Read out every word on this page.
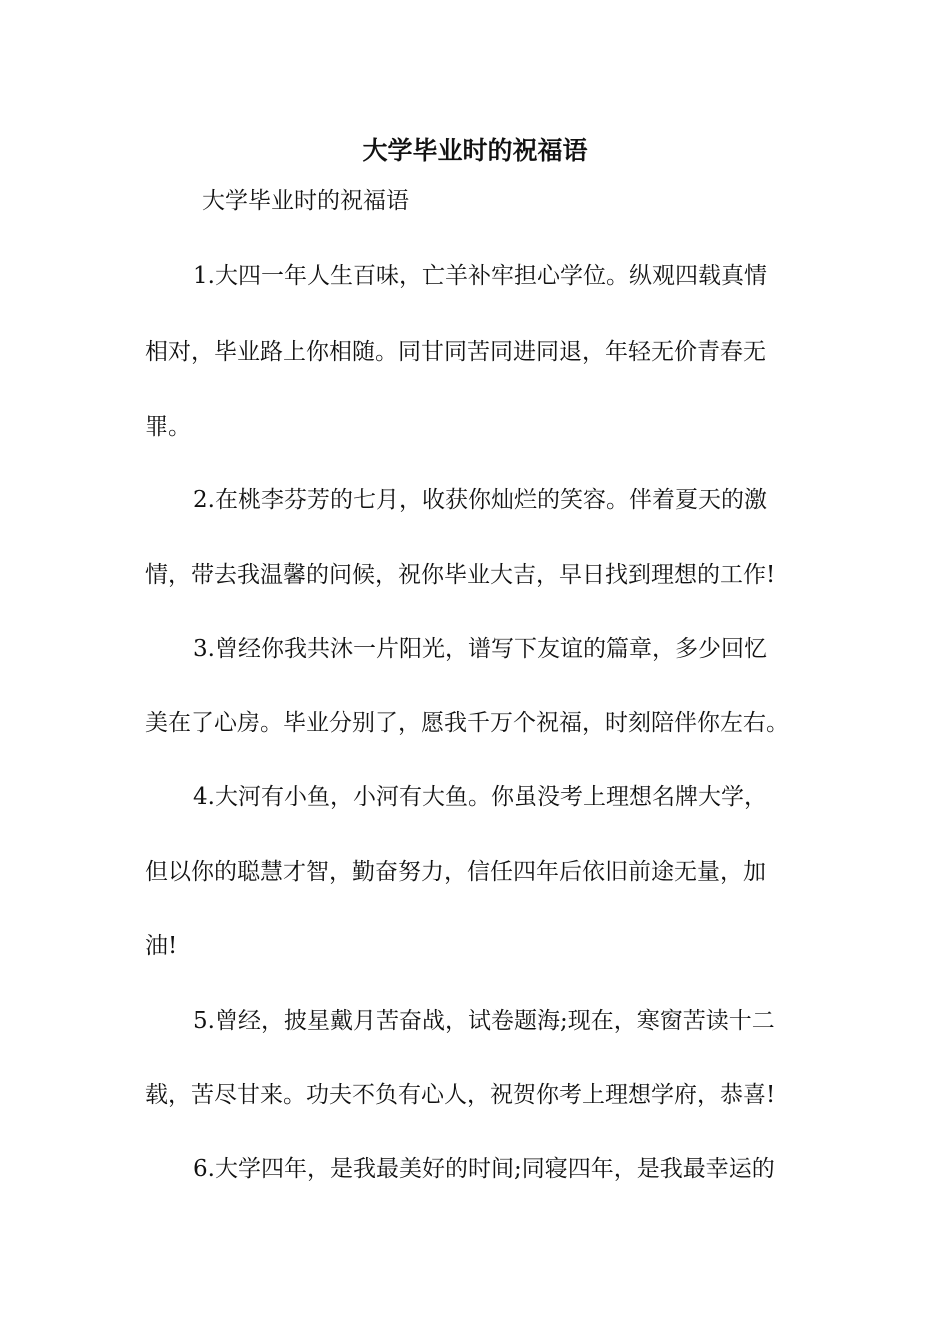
大学毕业时的祝福语
大学毕业时的祝福语
1.大四一年人生百味，亡羊补牢担心学位。纵观四载真情
相对，毕业路上你相随。同甘同苦同进同退，年轻无价青春无
罪。
2.在桃李芬芳的七月，收获你灿烂的笑容。伴着夏天的激
情，带去我温馨的问候，祝你毕业大吉，早日找到理想的工作!
3.曾经你我共沐一片阳光，谱写下友谊的篇章，多少回忆
美在了心房。毕业分别了，愿我千万个祝福，时刻陪伴你左右。
4.大河有小鱼，小河有大鱼。你虽没考上理想名牌大学，
但以你的聪慧才智，勤奋努力，信任四年后依旧前途无量，加
油!
5.曾经，披星戴月苦奋战，试卷题海;现在，寒窗苦读十二
载，苦尽甘来。功夫不负有心人，祝贺你考上理想学府，恭喜!
6.大学四年，是我最美好的时间;同寝四年，是我最幸运的
